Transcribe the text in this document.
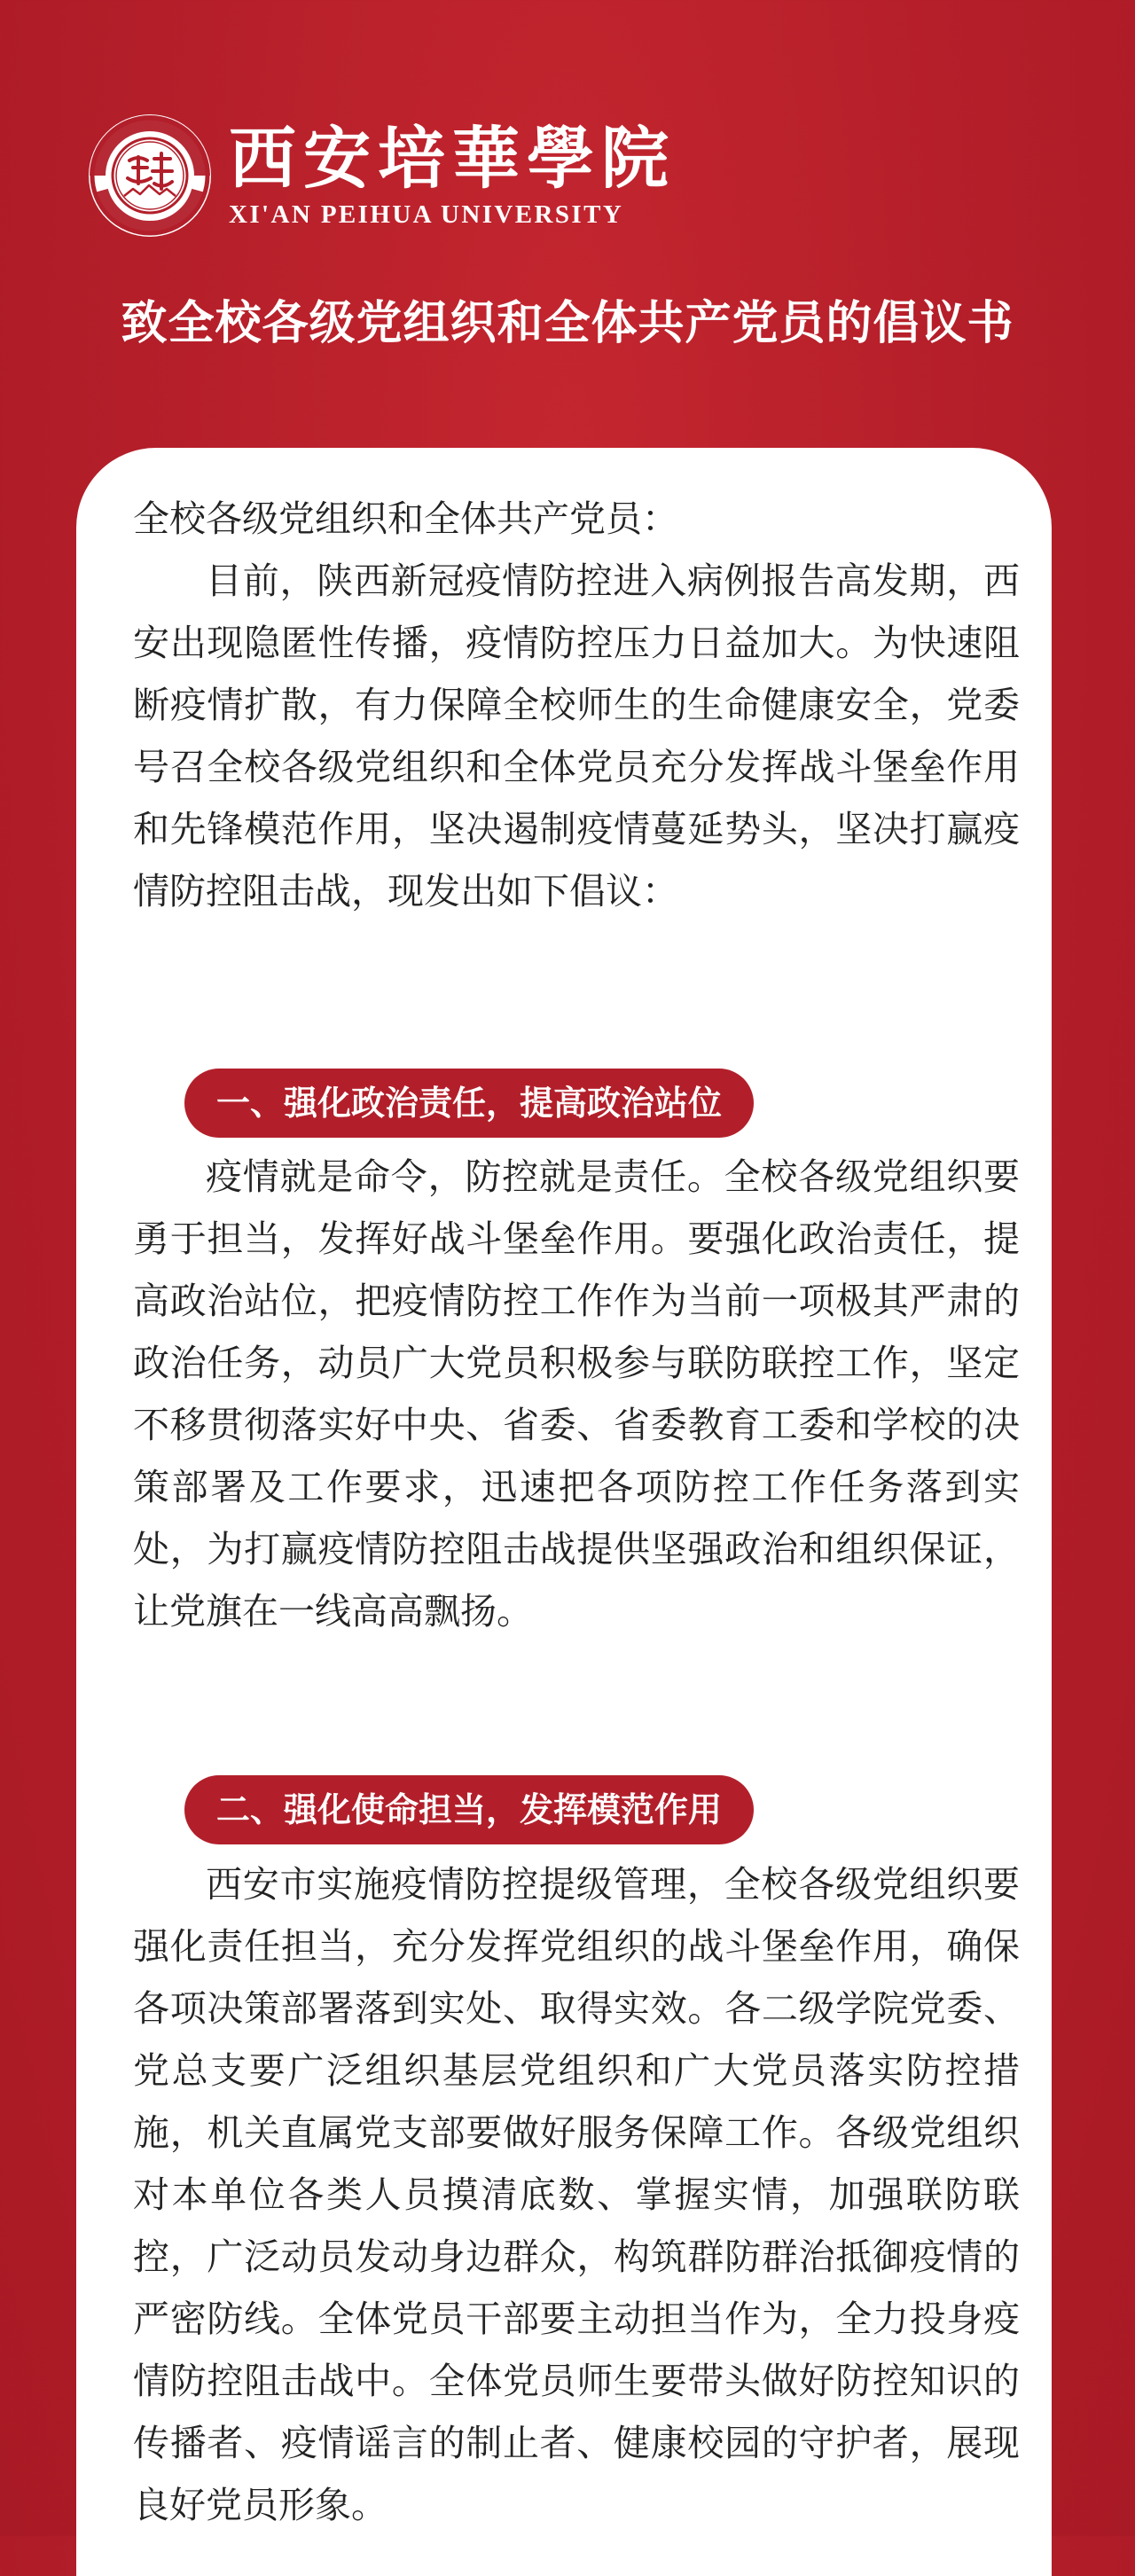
西安培華學院
XI'AN PEIHUA UNIVERSITY
致全校各级党组织和全体共产党员的倡议书
全校各级党组织和全体共产党员：

目前，陕西新冠疫情防控进入病例报告高发期，西安出现隐匿性传播，疫情防控压力日益加大。为快速阻断疫情扩散，有力保障全校师生的生命健康安全，党委号召全校各级党组织和全体党员充分发挥战斗堡垒作用和先锋模范作用，坚决遏制疫情蔓延势头，坚决打赢疫情防控阻击战，现发出如下倡议：

一、强化政治责任，提高政治站位

疫情就是命令，防控就是责任。全校各级党组织要勇于担当，发挥好战斗堡垒作用。要强化政治责任，提高政治站位，把疫情防控工作作为当前一项极其严肃的政治任务，动员广大党员积极参与联防联控工作，坚定不移贯彻落实好中央、省委、省委教育工委和学校的决策部署及工作要求，迅速把各项防控工作任务落到实处，为打赢疫情防控阻击战提供坚强政治和组织保证，让党旗在一线高高飘扬。

二、强化使命担当，发挥模范作用

西安市实施疫情防控提级管理，全校各级党组织要强化责任担当，充分发挥党组织的战斗堡垒作用，确保各项决策部署落到实处、取得实效。各二级学院党委、党总支要广泛组织基层党组织和广大党员落实防控措施，机关直属党支部要做好服务保障工作。各级党组织对本单位各类人员摸清底数、掌握实情，加强联防联控，广泛动员发动身边群众，构筑群防群治抵御疫情的严密防线。全体党员干部要主动担当作为，全力投身疫情防控阻击战中。全体党员师生要带头做好防控知识的传播者、疫情谣言的制止者、健康校园的守护者，展现良好党员形象。
